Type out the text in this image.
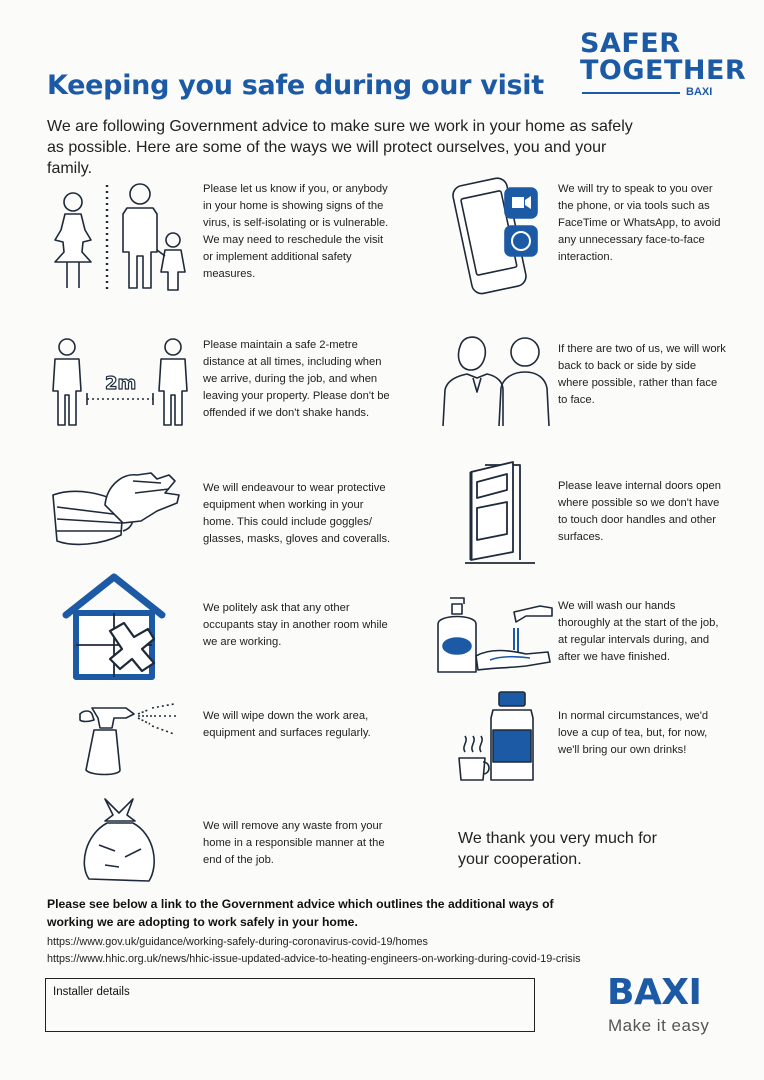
SAFER
TOGETHER
BAXI
Keeping you safe during our visit

We are following Government advice to make sure we work in your home as safely as possible. Here are some of the ways we will protect ourselves, you and your family.

Please let us know if you, or anybody in your home is showing signs of the virus, is self-isolating or is vulnerable. We may need to reschedule the visit or implement additional safety measures.
We will try to speak to you over the phone, or via tools such as FaceTime or WhatsApp, to avoid any unnecessary face-to-face interaction.
2m
Please maintain a safe 2-metre distance at all times, including when we arrive, during the job, and when leaving your property. Please don't be offended if we don't shake hands.
If there are two of us, we will work back to back or side by side where possible, rather than face to face.
We will endeavour to wear protective equipment when working in your home. This could include goggles/ glasses, masks, gloves and coveralls.
Please leave internal doors open where possible so we don't have to touch door handles and other surfaces.
We politely ask that any other occupants stay in another room while we are working.
We will wash our hands thoroughly at the start of the job, at regular intervals during, and after we have finished.
We will wipe down the work area, equipment and surfaces regularly.
In normal circumstances, we'd love a cup of tea, but, for now, we'll bring our own drinks!
We will remove any waste from your home in a responsible manner at the end of the job.
We thank you very much for your cooperation.
Please see below a link to the Government advice which outlines the additional ways of working we are adopting to work safely in your home.
https://www.gov.uk/guidance/working-safely-during-coronavirus-covid-19/homes
https://www.hhic.org.uk/news/hhic-issue-updated-advice-to-heating-engineers-on-working-during-covid-19-crisis
Installer details	BAXI
Make it easy
